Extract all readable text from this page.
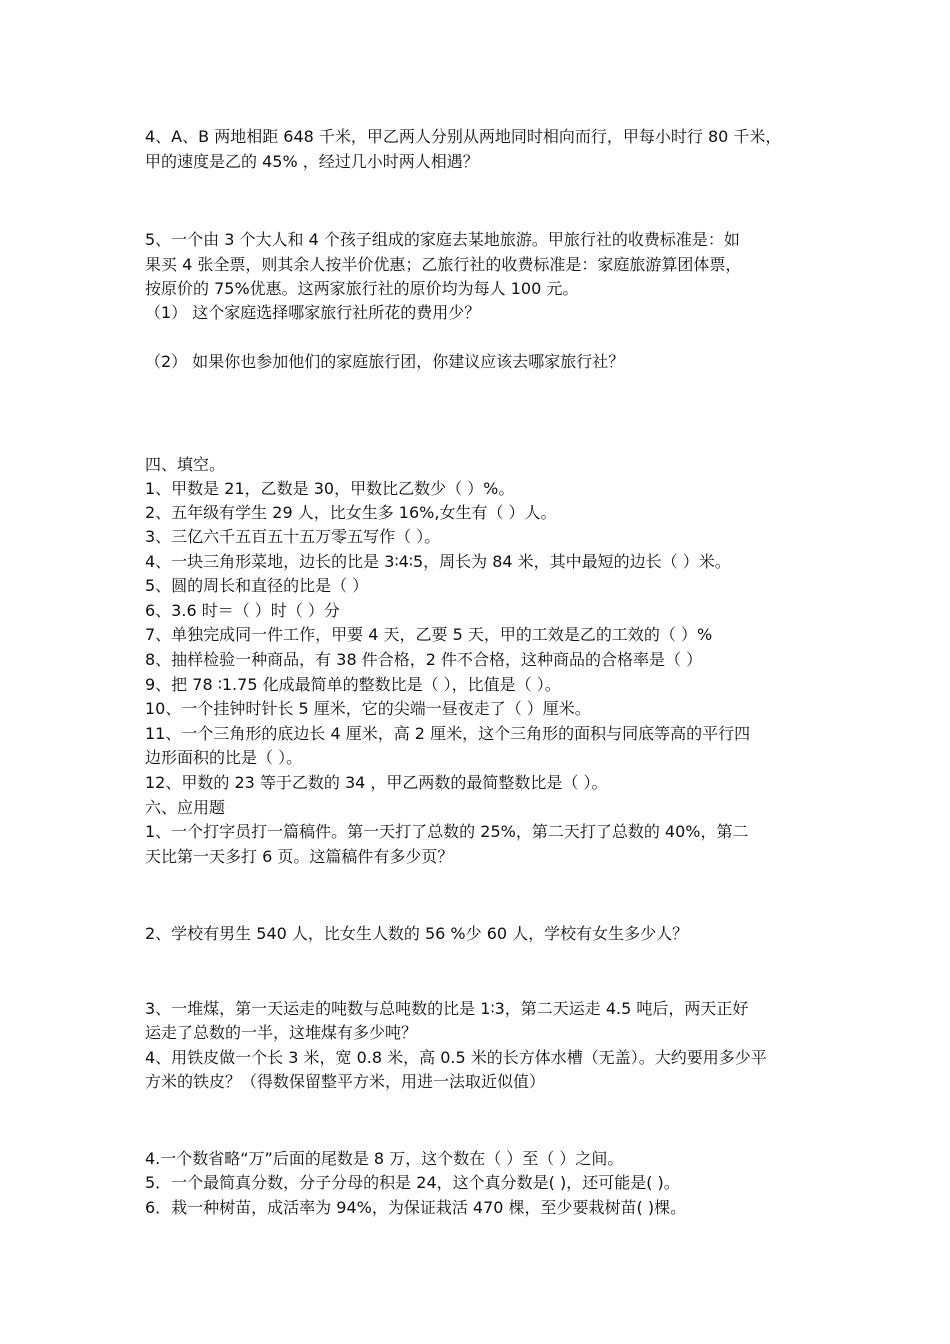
4、A、B 两地相距 648 千米，甲乙两人分别从两地同时相向而行，甲每小时行 80 千米，
甲的速度是乙的 45% ，经过几小时两人相遇？
5、一个由 3 个大人和 4 个孩子组成的家庭去某地旅游。甲旅行社的收费标准是：如
果买 4 张全票，则其余人按半价优惠；乙旅行社的收费标准是：家庭旅游算团体票，
按原价的 75%优惠。这两家旅行社的原价均为每人 100 元。
（1） 这个家庭选择哪家旅行社所花的费用少？
（2） 如果你也参加他们的家庭旅行团，你建议应该去哪家旅行社？
四、填空。
1、甲数是 21，乙数是 30，甲数比乙数少（ ）%。
2、五年级有学生 29 人，比女生多 16%,女生有（ ）人。
3、三亿六千五百五十五万零五写作（ ）。
4、一块三角形菜地，边长的比是 3∶4∶5，周长为 84 米，其中最短的边长（ ）米。
5、圆的周长和直径的比是（ ）
6、3.6 时＝（ ）时（ ）分
7、单独完成同一件工作，甲要 4 天，乙要 5 天，甲的工效是乙的工效的（ ）%
8、抽样检验一种商品，有 38 件合格，2 件不合格，这种商品的合格率是（ ）
9、把 78 ∶1.75 化成最简单的整数比是（ ），比值是（ ）。
10、一个挂钟时针长 5 厘米，它的尖端一昼夜走了（ ）厘米。
11、一个三角形的底边长 4 厘米，高 2 厘米，这个三角形的面积与同底等高的平行四
边形面积的比是（ ）。
12、甲数的 23 等于乙数的 34 ，甲乙两数的最简整数比是（ ）。
六、应用题
1、一个打字员打一篇稿件。第一天打了总数的 25%，第二天打了总数的 40%，第二
天比第一天多打 6 页。这篇稿件有多少页？
2、学校有男生 540 人，比女生人数的 56 %少 60 人，学校有女生多少人？
3、一堆煤，第一天运走的吨数与总吨数的比是 1∶3，第二天运走 4.5 吨后，两天正好
运走了总数的一半，这堆煤有多少吨？
4、用铁皮做一个长 3 米，宽 0.8 米，高 0.5 米的长方体水槽（无盖）。大约要用多少平
方米的铁皮？（得数保留整平方米，用进一法取近似值）
4.一个数省略“万”后面的尾数是 8 万，这个数在（ ）至（ ）之间。
5．一个最简真分数，分子分母的积是 24，这个真分数是( )，还可能是( )。
6．栽一种树苗，成活率为 94%，为保证栽活 470 棵，至少要栽树苗( )棵。
